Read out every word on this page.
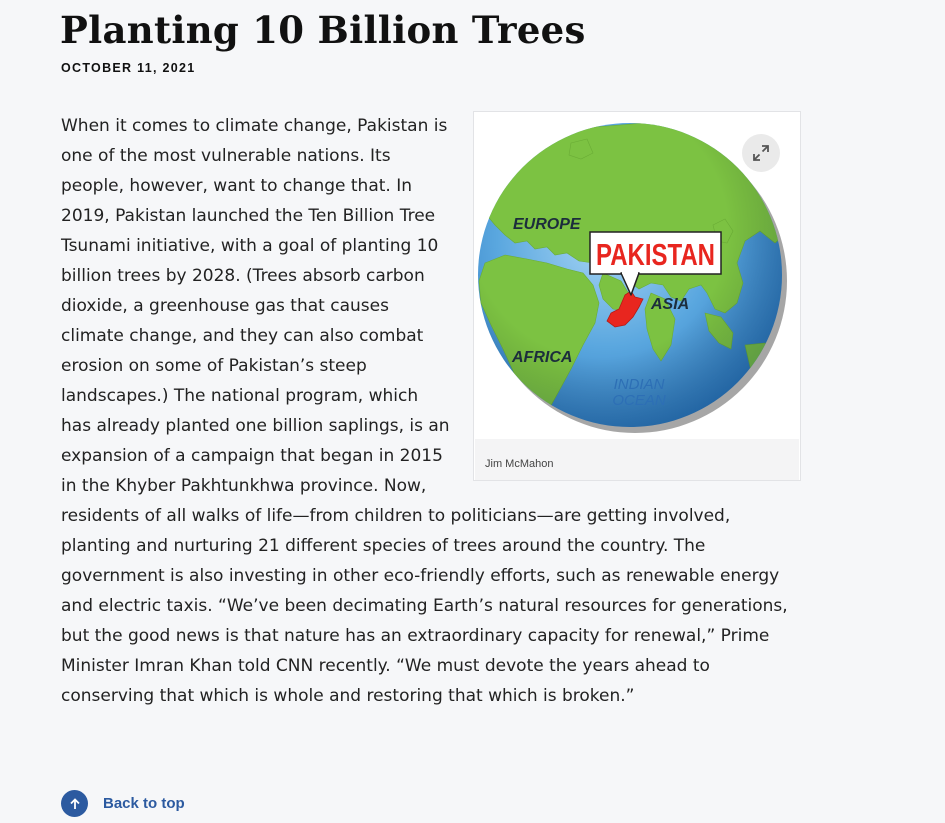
Planting 10 Billion Trees
OCTOBER 11, 2021
PAKISTAN
EUROPE
ASIA
AFRICA
INDIAN
OCEAN
Jim McMahon
When it comes to climate change, Pakistan is one of the most vulnerable nations. Its people, however, want to change that. In 2019, Pakistan launched the Ten Billion Tree Tsunami initiative, with a goal of planting 10 billion trees by 2028. (Trees absorb carbon dioxide, a greenhouse gas that causes climate change, and they can also combat erosion on some of Pakistan’s steep landscapes.) The national program, which has already planted one billion saplings, is an expansion of a campaign that began in 2015 in the Khyber Pakhtunkhwa province. Now, residents of all walks of life—from children to politicians—are getting involved, planting and nurturing 21 different species of trees around the country. The government is also investing in other eco-friendly efforts, such as renewable energy and electric taxis. “We’ve been decimating Earth’s natural resources for generations, but the good news is that nature has an extraordinary capacity for renewal,” Prime Minister Imran Khan told CNN recently. “We must devote the years ahead to conserving that which is whole and restoring that which is broken.”
Back to top
